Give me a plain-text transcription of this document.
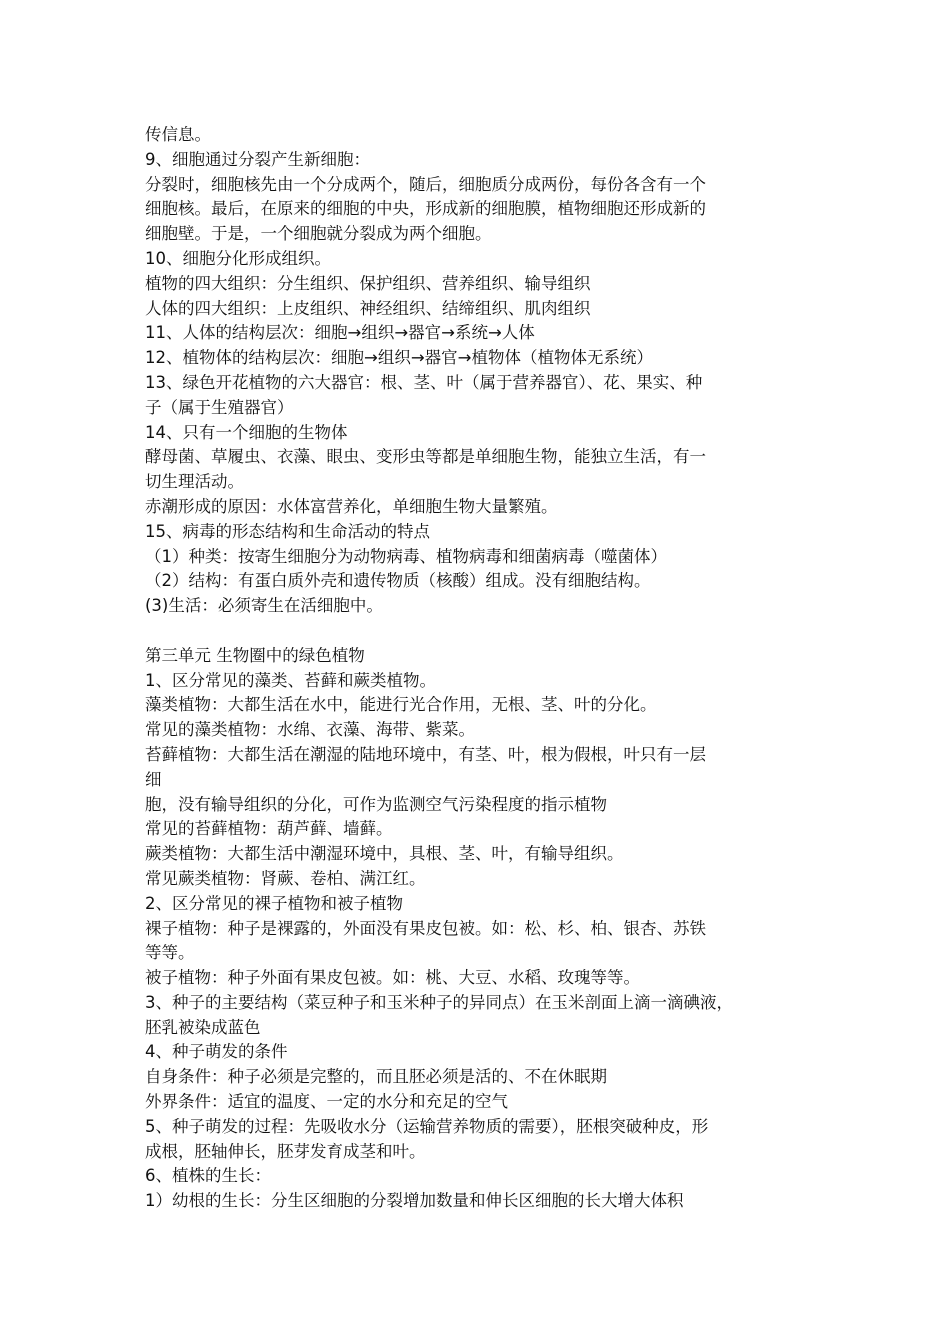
传信息。

9、细胞通过分裂产生新细胞：

分裂时，细胞核先由一个分成两个，随后，细胞质分成两份，每份各含有一个

细胞核。最后，在原来的细胞的中央，形成新的细胞膜，植物细胞还形成新的

细胞壁。于是，一个细胞就分裂成为两个细胞。

10、细胞分化形成组织。

植物的四大组织：分生组织、保护组织、营养组织、输导组织

人体的四大组织：上皮组织、神经组织、结缔组织、肌肉组织

11、人体的结构层次：细胞→组织→器官→系统→人体

12、植物体的结构层次：细胞→组织→器官→植物体（植物体无系统）

13、绿色开花植物的六大器官：根、茎、叶（属于营养器官）、花、果实、种

子（属于生殖器官）

14、只有一个细胞的生物体

酵母菌、草履虫、衣藻、眼虫、变形虫等都是单细胞生物，能独立生活，有一

切生理活动。

赤潮形成的原因：水体富营养化，单细胞生物大量繁殖。

15、病毒的形态结构和生命活动的特点

（1）种类：按寄生细胞分为动物病毒、植物病毒和细菌病毒（噬菌体）

（2）结构：有蛋白质外壳和遗传物质（核酸）组成。没有细胞结构。

(3)生活：必须寄生在活细胞中。

第三单元 生物圈中的绿色植物

1、区分常见的藻类、苔藓和蕨类植物。

藻类植物：大都生活在水中，能进行光合作用，无根、茎、叶的分化。

常见的藻类植物：水绵、衣藻、海带、紫菜。

苔藓植物：大都生活在潮湿的陆地环境中，有茎、叶，根为假根，叶只有一层

细

胞，没有输导组织的分化，可作为监测空气污染程度的指示植物

常见的苔藓植物：葫芦藓、墙藓。

蕨类植物：大都生活中潮湿环境中，具根、茎、叶，有输导组织。

常见蕨类植物：肾蕨、卷柏、满江红。

2、区分常见的裸子植物和被子植物

裸子植物：种子是裸露的，外面没有果皮包被。如：松、杉、柏、银杏、苏铁

等等。

被子植物：种子外面有果皮包被。如：桃、大豆、水稻、玫瑰等等。

3、种子的主要结构（菜豆种子和玉米种子的异同点）在玉米剖面上滴一滴碘液，

胚乳被染成蓝色

4、种子萌发的条件

自身条件：种子必须是完整的，而且胚必须是活的、不在休眠期

外界条件：适宜的温度、一定的水分和充足的空气

5、种子萌发的过程：先吸收水分（运输营养物质的需要），胚根突破种皮，形

成根，胚轴伸长，胚芽发育成茎和叶。

6、植株的生长：

1）幼根的生长：分生区细胞的分裂增加数量和伸长区细胞的长大增大体积
